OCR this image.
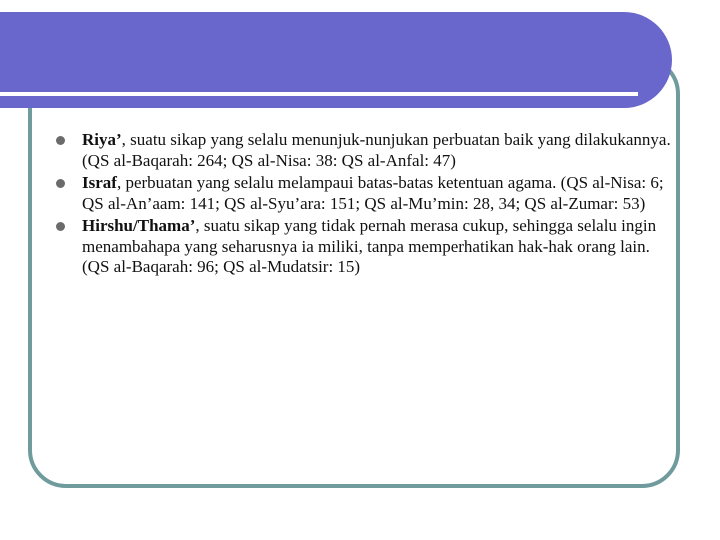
Riya’, suatu sikap yang selalu menunjuk-nunjukan perbuatan baik yang dilakukannya. (QS al-Baqarah: 264; QS al-Nisa: 38: QS al-Anfal: 47)
Israf, perbuatan yang selalu melampaui batas-batas ketentuan agama. (QS al-Nisa: 6; QS al-An’aam: 141; QS al-Syu’ara: 151; QS al-Mu’min: 28, 34; QS al-Zumar: 53)
Hirshu/Thama’, suatu sikap yang tidak pernah merasa cukup, sehingga selalu ingin menambahapa yang seharusnya ia miliki, tanpa memperhatikan hak-hak orang lain. (QS al-Baqarah: 96; QS al-Mudatsir: 15)
